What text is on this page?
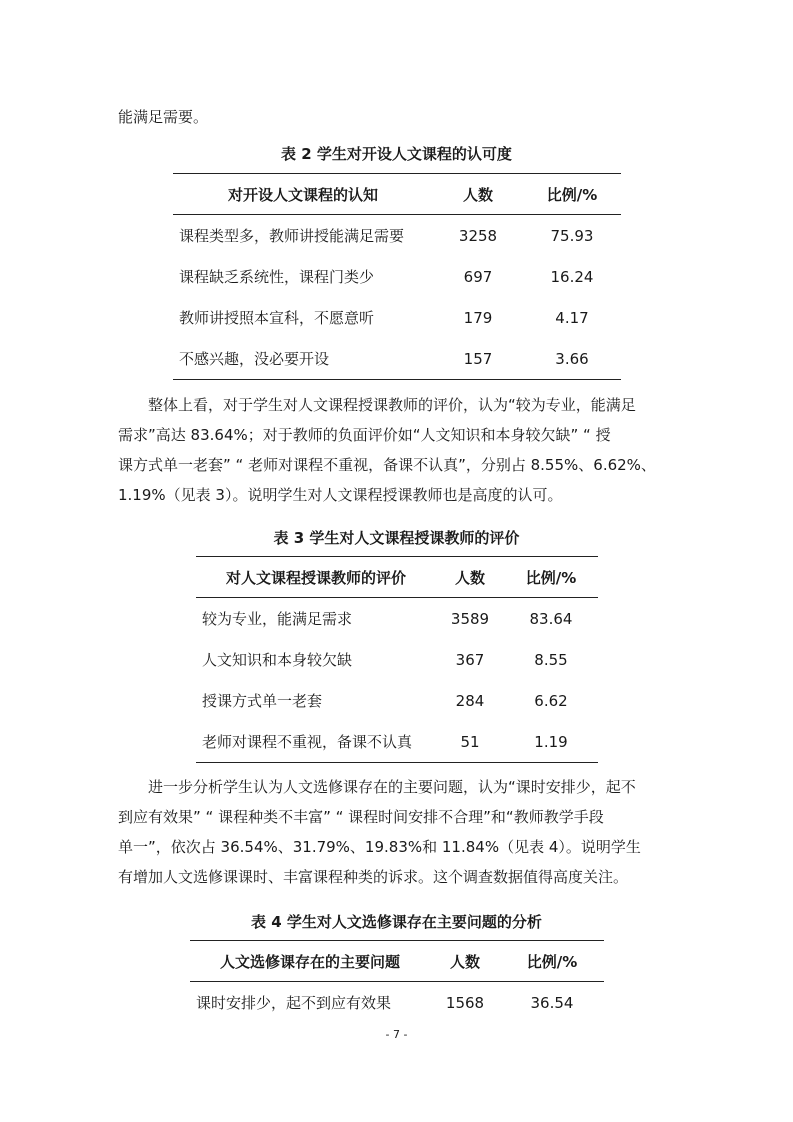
能满足需要。

表 2 学生对开设人文课程的认可度

对开设人文课程的认知	人数	比例/%
课程类型多，教师讲授能满足需要	3258	75.93
课程缺乏系统性，课程门类少	697	16.24
教师讲授照本宣科，不愿意听	179	4.17
不感兴趣，没必要开设	157	3.66

整体上看，对于学生对人文课程授课教师的评价，认为“较为专业，能满足
需求”高达 83.64%；对于教师的负面评价如“人文知识和本身较欠缺” “ 授
课方式单一老套” “ 老师对课程不重视，备课不认真”，分别占 8.55%、6.62%、
1.19%（见表 3）。说明学生对人文课程授课教师也是高度的认可。

表 3 学生对人文课程授课教师的评价

对人文课程授课教师的评价	人数	比例/%
较为专业，能满足需求	3589	83.64
人文知识和本身较欠缺	367	8.55
授课方式单一老套	284	6.62
老师对课程不重视，备课不认真	51	1.19

进一步分析学生认为人文选修课存在的主要问题，认为“课时安排少，起不
到应有效果” “ 课程种类不丰富” “ 课程时间安排不合理”和“教师教学手段
单一”，依次占 36.54%、31.79%、19.83%和 11.84%（见表 4）。说明学生
有增加人文选修课课时、丰富课程种类的诉求。这个调查数据值得高度关注。

表 4 学生对人文选修课存在主要问题的分析

人文选修课存在的主要问题	人数	比例/%
课时安排少，起不到应有效果	1568	36.54
- 7 -
